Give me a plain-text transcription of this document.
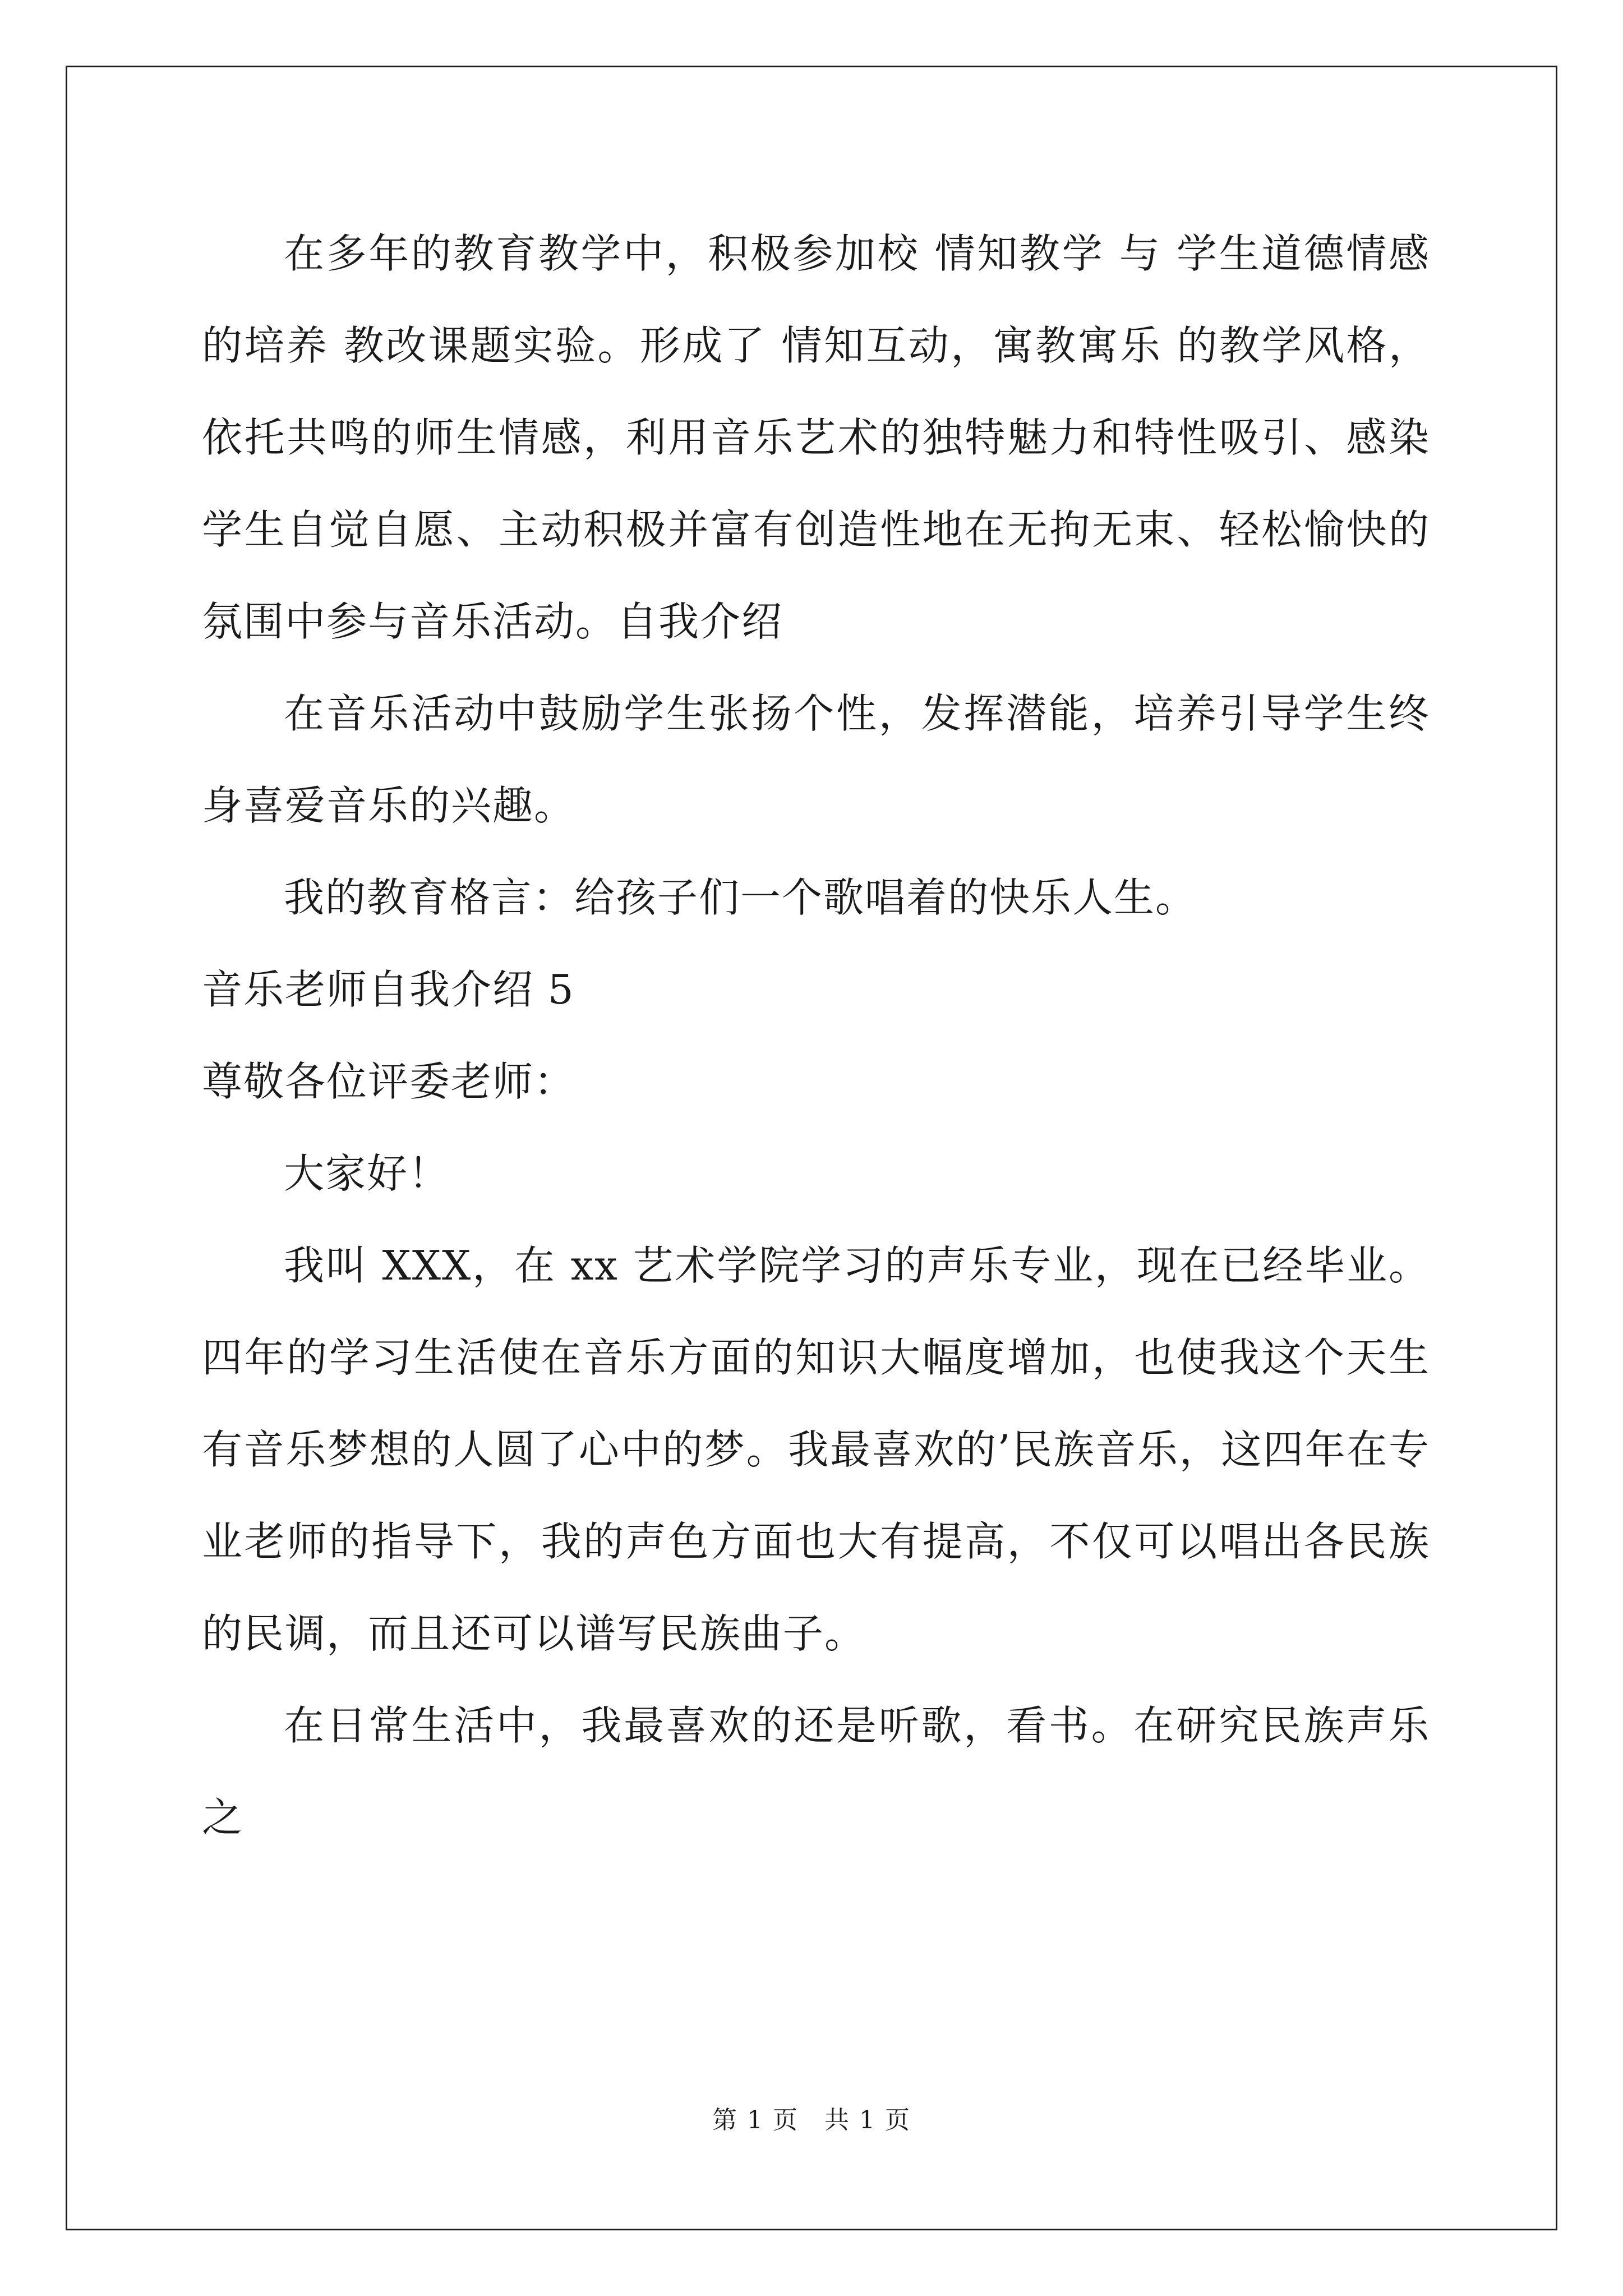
在多年的教育教学中，积极参加校 情知教学 与 学生道德情感的培养 教改课题实验。形成了 情知互动，寓教寓乐 的教学风格，依托共鸣的师生情感，利用音乐艺术的独特魅力和特性吸引、感染学生自觉自愿、主动积极并富有创造性地在无拘无束、轻松愉快的氛围中参与音乐活动。自我介绍

在音乐活动中鼓励学生张扬个性，发挥潜能，培养引导学生终身喜爱音乐的兴趣。

我的教育格言：给孩子们一个歌唱着的快乐人生。

音乐老师自我介绍 5

尊敬各位评委老师：

大家好！

我叫 XXX，在 xx 艺术学院学习的声乐专业，现在已经毕业。四年的学习生活使在音乐方面的知识大幅度增加，也使我这个天生有音乐梦想的人圆了心中的梦。我最喜欢的’民族音乐，这四年在专业老师的指导下，我的声色方面也大有提高，不仅可以唱出各民族的民调，而且还可以谱写民族曲子。

在日常生活中，我最喜欢的还是听歌，看书。在研究民族声乐之

第 1 页　共 1 页
